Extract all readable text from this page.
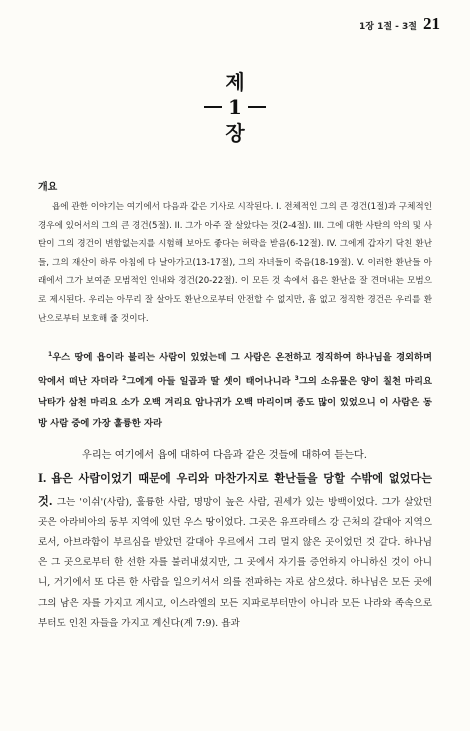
1장 1절 - 3절 21
제
1
장
개요

욥에 관한 이야기는 여기에서 다음과 같은 기사로 시작된다. I. 전체적인 그의 큰 경건(1절)과 구체적인 경우에 있어서의 그의 큰 경건(5절). II. 그가 아주 잘 살았다는 것(2-4절). III. 그에 대한 사탄의 악의 및 사탄이 그의 경건이 변함없는지를 시험해 보아도 좋다는 허락을 받음(6-12절). IV. 그에게 갑자기 닥친 환난들, 그의 재산이 하루 아침에 다 날아가고(13-17절), 그의 자녀들이 죽음(18-19절). V. 이러한 환난들 아래에서 그가 보여준 모범적인 인내와 경건(20-22절). 이 모든 것 속에서 욥은 환난을 잘 견뎌내는 모범으로 제시된다. 우리는 아무리 잘 살아도 환난으로부터 안전할 수 없지만, 흠 없고 정직한 경건은 우리를 환난으로부터 보호해 줄 것이다.

$^1$우스 땅에 욥이라 불리는 사람이 있었는데 그 사람은 온전하고 정직하여 하나님을 경외하며 악에서 떠난 자더라 $^2$그에게 아들 일곱과 딸 셋이 태어나니라 $^3$그의 소유물은 양이 칠천 마리요 낙타가 삼천 마리요 소가 오백 겨리요 암나귀가 오백 마리이며 종도 많이 있었으니 이 사람은 동방 사람 중에 가장 훌륭한 자라

우리는 여기에서 욥에 대하여 다음과 같은 것들에 대하여 듣는다.

I. 욥은 사람이었기 때문에 우리와 마찬가지로 환난들을 당할 수밖에 없었다는 것. 그는 '이쉬'(사람), 훌륭한 사람, 명망이 높은 사람, 권세가 있는 방백이었다. 그가 살았던 곳은 아라비아의 동부 지역에 있던 우스 땅이었다. 그곳은 유프라테스 강 근처의 갈대아 지역으로서, 아브라함이 부르심을 받았던 갈대아 우르에서 그리 멀지 않은 곳이었던 것 같다. 하나님은 그 곳으로부터 한 선한 자를 불러내셨지만, 그 곳에서 자기를 증언하지 아니하신 것이 아니니, 거기에서 또 다른 한 사람을 일으키셔서 의를 전파하는 자로 삼으셨다. 하나님은 모든 곳에 그의 남은 자를 가지고 계시고, 이스라엘의 모든 지파로부터만이 아니라 모든 나라와 족속으로부터도 인친 자들을 가지고 계신다(계 7:9). 욥과
